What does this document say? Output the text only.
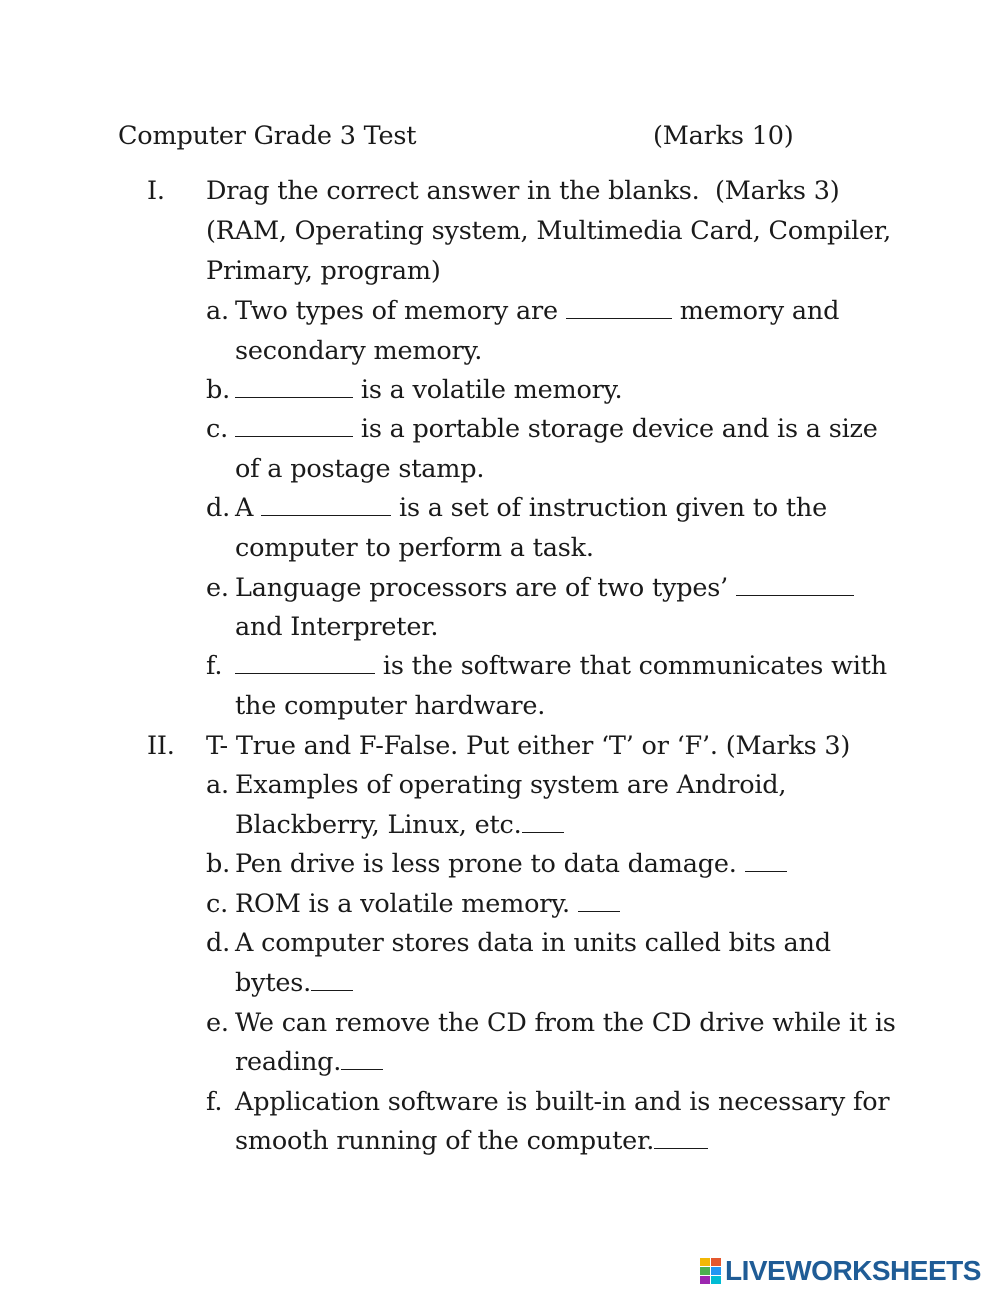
Computer Grade 3 Test	(Marks 10)
I. Drag the correct answer in the blanks. (Marks 3)
(RAM, Operating system, Multimedia Card, Compiler,
Primary, program)
a. Two types of memory are	memory and
secondary memory.
b.	is a volatile memory.
c.	is a portable storage device and is a size
of a postage stamp.
d. A	is a set of instruction given to the
computer to perform a task.
e. Language processors are of two types’
and Interpreter.
f.	is the software that communicates with
the computer hardware.
II. T- True and F-False. Put either ‘T’ or ‘F’. (Marks 3)
a. Examples of operating system are Android,
Blackberry, Linux, etc.
b. Pen drive is less prone to data damage.
c. ROM is a volatile memory.
d. A computer stores data in units called bits and
bytes.
e. We can remove the CD from the CD drive while it is
reading.
f. Application software is built-in and is necessary for
smooth running of the computer.
LIVEWORKSHEETS
